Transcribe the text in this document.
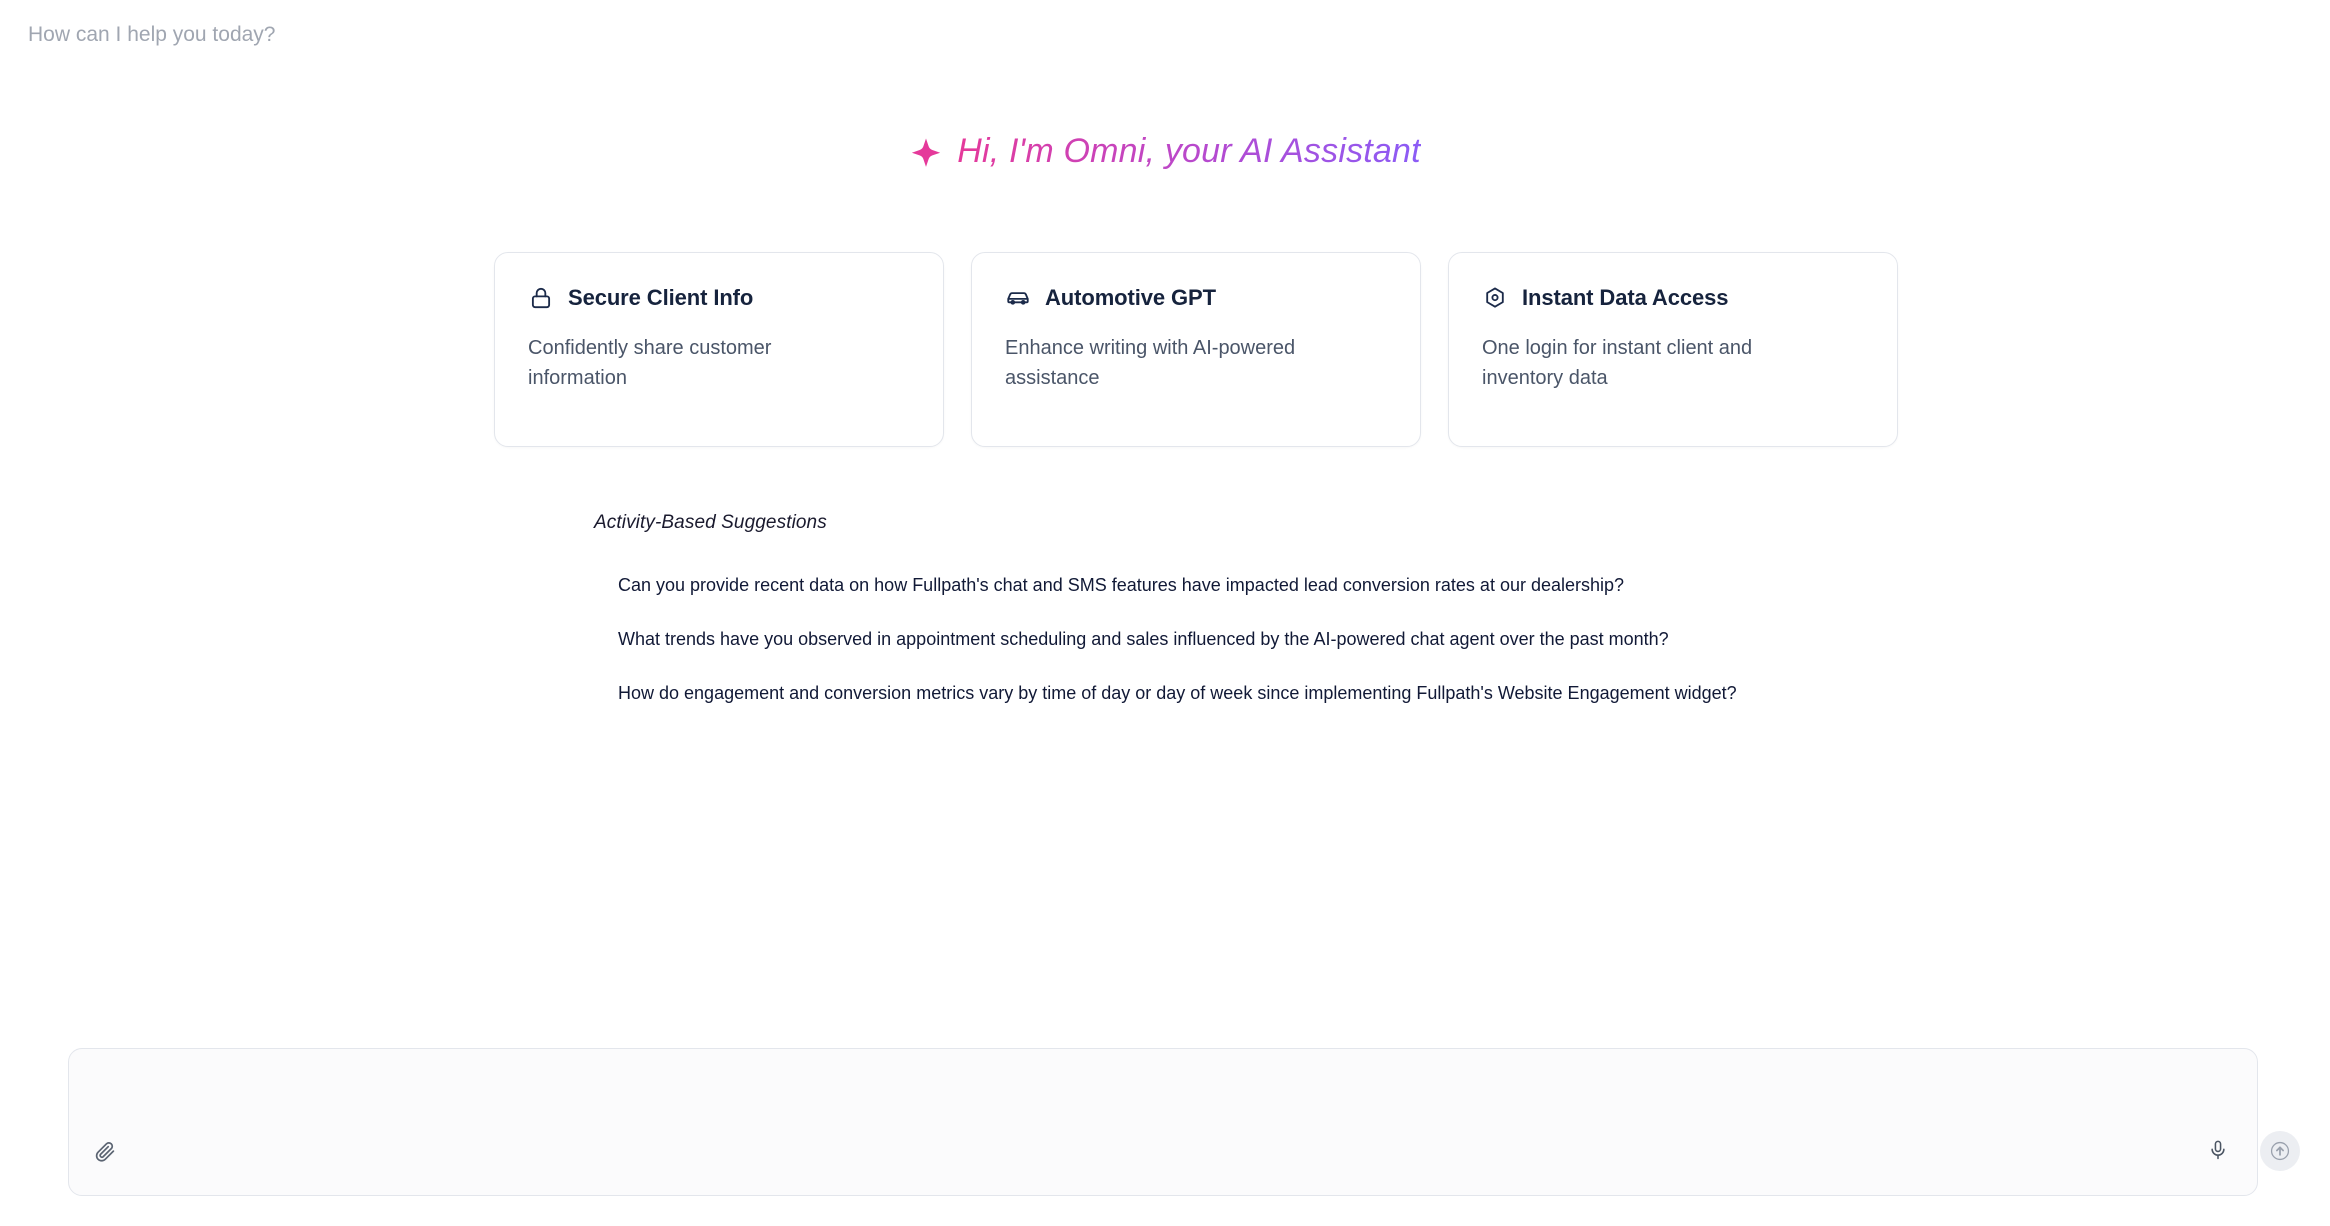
Hi, I'm Omni, your AI Assistant
Secure Client Info
Confidently share customer information
Automotive GPT
Enhance writing with AI-powered assistance
Instant Data Access
One login for instant client and inventory data
Activity-Based Suggestions
Can you provide recent data on how Fullpath's chat and SMS features have impacted lead conversion rates at our dealership?
What trends have you observed in appointment scheduling and sales influenced by the AI-powered chat agent over the past month?
How do engagement and conversion metrics vary by time of day or day of week since implementing Fullpath's Website Engagement widget?
How can I help you today?
